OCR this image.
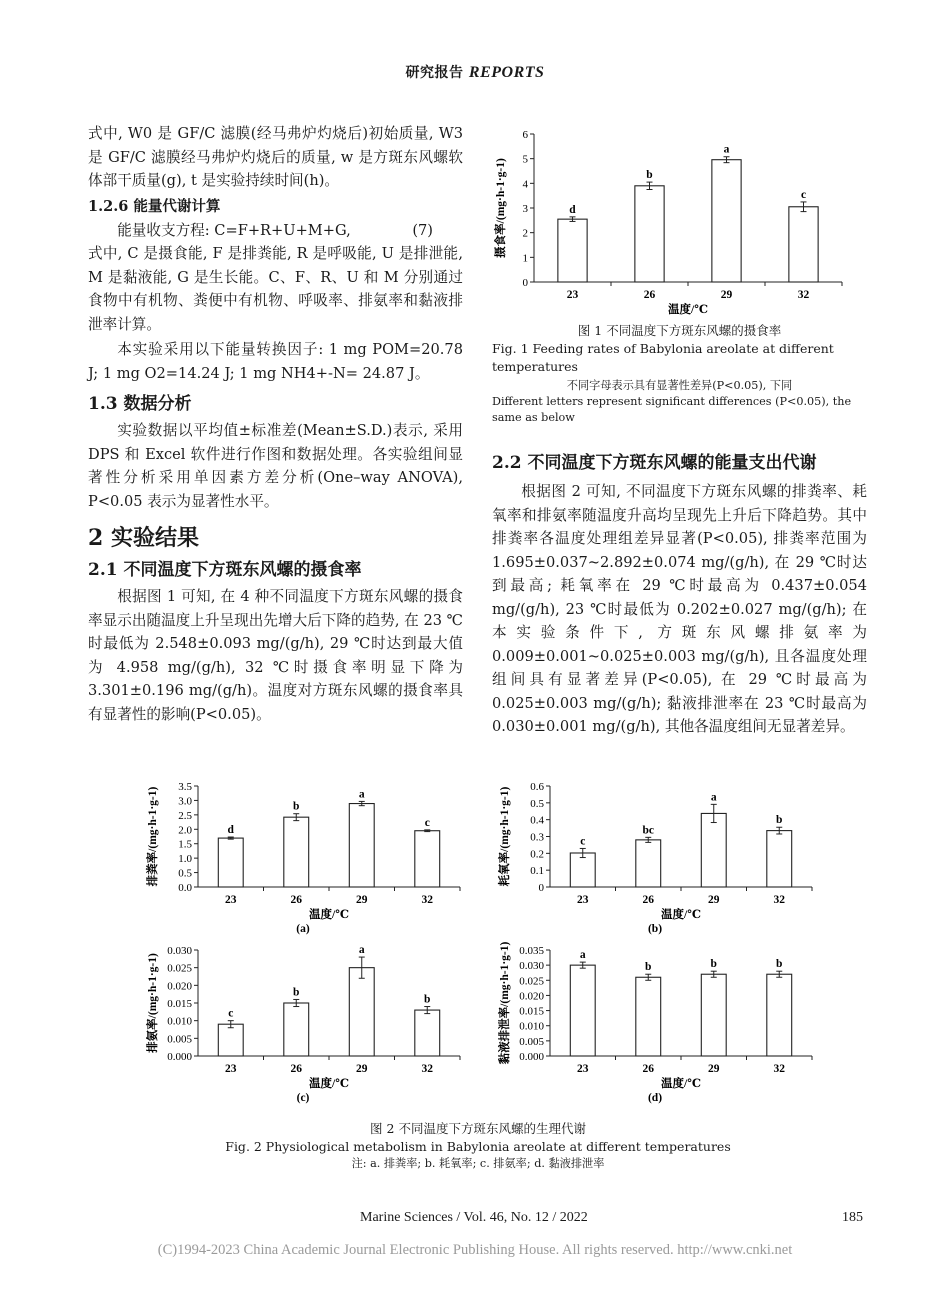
研究报告 REPORTS

式中, W0 是 GF/C 滤膜(经马弗炉灼烧后)初始质量, W3是 GF/C 滤膜经马弗炉灼烧后的质量, w 是方斑东风螺软体部干质量(g), t 是实验持续时间(h)。

1.2.6 能量代谢计算

能量收支方程: C=F+R+U+M+G,	(7)

式中, C 是摄食能, F 是排粪能, R 是呼吸能, U 是排泄能, M 是黏液能, G 是生长能。C、F、R、U 和 M 分别通过食物中有机物、粪便中有机物、呼吸率、排氨率和黏液排泄率计算。

本实验采用以下能量转换因子: 1 mg POM=20.78 J; 1 mg O2=14.24 J; 1 mg NH4+-N= 24.87 J。

1.3 数据分析

实验数据以平均值±标准差(Mean±S.D.)表示, 采用 DPS 和 Excel 软件进行作图和数据处理。各实验组间显著性分析采用单因素方差分析(One–way ANOVA), P<0.05 表示为显著性水平。

2 实验结果

2.1 不同温度下方斑东风螺的摄食率

根据图 1 可知, 在 4 种不同温度下方斑东风螺的摄食率显示出随温度上升呈现出先增大后下降的趋势, 在 23 ℃时最低为 2.548±0.093 mg/(g/h), 29 ℃时达到最大值为 4.958 mg/(g/h), 32 ℃时摄食率明显下降为 3.301±0.196 mg/(g/h)。温度对方斑东风螺的摄食率具有显著性的影响(P<0.05)。

0
1
2
3
4
5
6
摄食率/(mg·h-1·g-1)	d
23
b
26
a
29
c
32
温度/℃

图 1 不同温度下方斑东风螺的摄食率

Fig. 1 Feeding rates of Babylonia areolate at different temperatures

不同字母表示具有显著性差异(P<0.05), 下同

Different letters represent significant differences (P<0.05), the same as below

2.2 不同温度下方斑东风螺的能量支出代谢

根据图 2 可知, 不同温度下方斑东风螺的排粪率、耗氧率和排氨率随温度升高均呈现先上升后下降趋势。其中排粪率各温度处理组差异显著(P<0.05), 排粪率范围为 1.695±0.037~2.892±0.074 mg/(g/h), 在 29 ℃时达到最高; 耗氧率在 29 ℃时最高为 0.437±0.054 mg/(g/h), 23 ℃时最低为 0.202±0.027 mg/(g/h); 在本实验条件下, 方斑东风螺排氨率为 0.009±0.001~0.025±0.003 mg/(g/h), 且各温度处理组间具有显著差异(P<0.05), 在 29 ℃时最高为 0.025±0.003 mg/(g/h); 黏液排泄率在 23 ℃时最高为 0.030±0.001 mg/(g/h), 其他各温度组间无显著差异。

0.0
0.5
1.0
1.5
2.0
2.5
3.0
3.5
排粪率/(mg·h-1·g-1)	d
23
b
26
a
29
c
32
温度/℃
(a)
0
0.1
0.2
0.3
0.4
0.5
0.6
耗氧率/(mg·h-1·g-1)	c
23
bc
26
a
29
b
32
温度/℃
(b)
0.000
0.005
0.010
0.015
0.020
0.025
0.030
排氨率/(mg·h-1·g-1)	c
23
b
26
a
29
b
32
温度/℃
(c)
0.000
0.005
0.010
0.015
0.020
0.025
0.030
0.035
黏液排泄率/(mg·h-1·g-1)	a
23
b
26
b
29
b
32
温度/℃
(d)

图 2 不同温度下方斑东风螺的生理代谢

Fig. 2 Physiological metabolism in Babylonia areolate at different temperatures

注: a. 排粪率; b. 耗氧率; c. 排氨率; d. 黏液排泄率

Marine Sciences / Vol. 46, No. 12 / 2022	185
(C)1994-2023 China Academic Journal Electronic Publishing House. All rights reserved. http://www.cnki.net
